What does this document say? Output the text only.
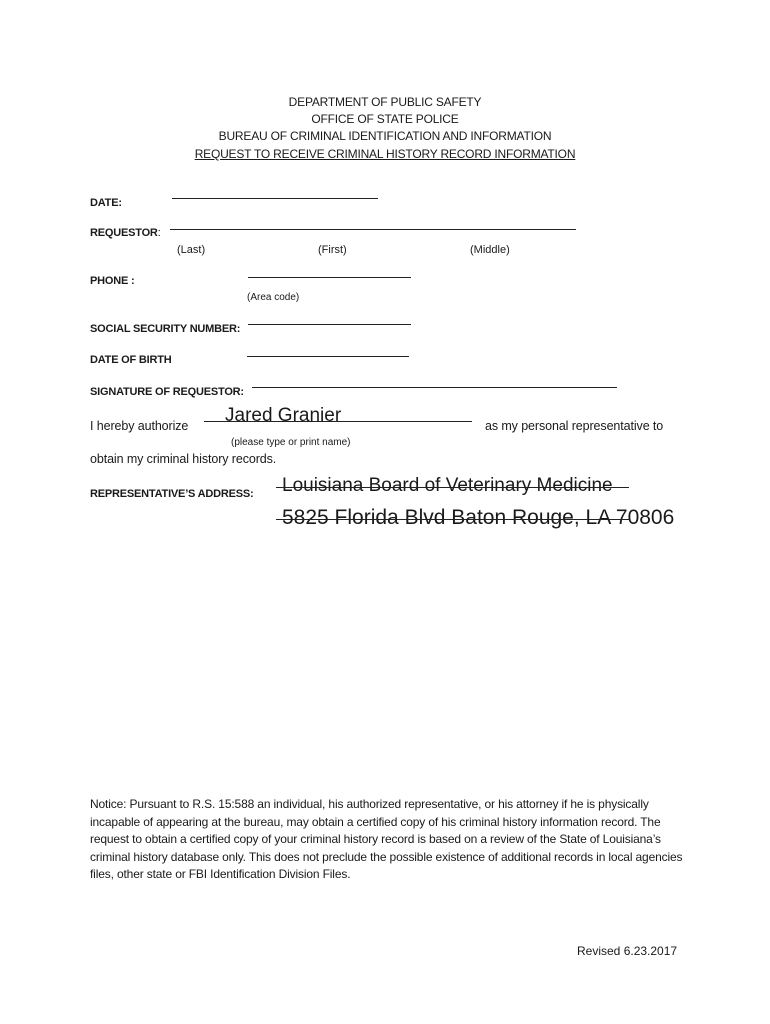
DEPARTMENT OF PUBLIC SAFETY
OFFICE OF STATE POLICE
BUREAU OF CRIMINAL IDENTIFICATION AND INFORMATION
REQUEST TO RECEIVE CRIMINAL HISTORY RECORD INFORMATION
DATE:
REQUESTOR:
(Last)	(First)	(Middle)
PHONE :
(Area code)
SOCIAL SECURITY NUMBER:
DATE OF BIRTH
SIGNATURE OF REQUESTOR:
I hereby authorize Jared Granier	as my personal representative to
(please type or print name)
obtain my criminal history records.
REPRESENTATIVE’S ADDRESS: Louisiana Board of Veterinary Medicine
5825 Florida Blvd Baton Rouge, LA 70806
Notice: Pursuant to R.S. 15:588 an individual, his authorized representative, or his attorney if he is physically incapable of appearing at the bureau, may obtain a certified copy of his criminal history information record. The request to obtain a certified copy of your criminal history record is based on a review of the State of Louisiana’s criminal history database only. This does not preclude the possible existence of additional records in local agencies files, other state or FBI Identification Division Files.
Revised 6.23.2017
